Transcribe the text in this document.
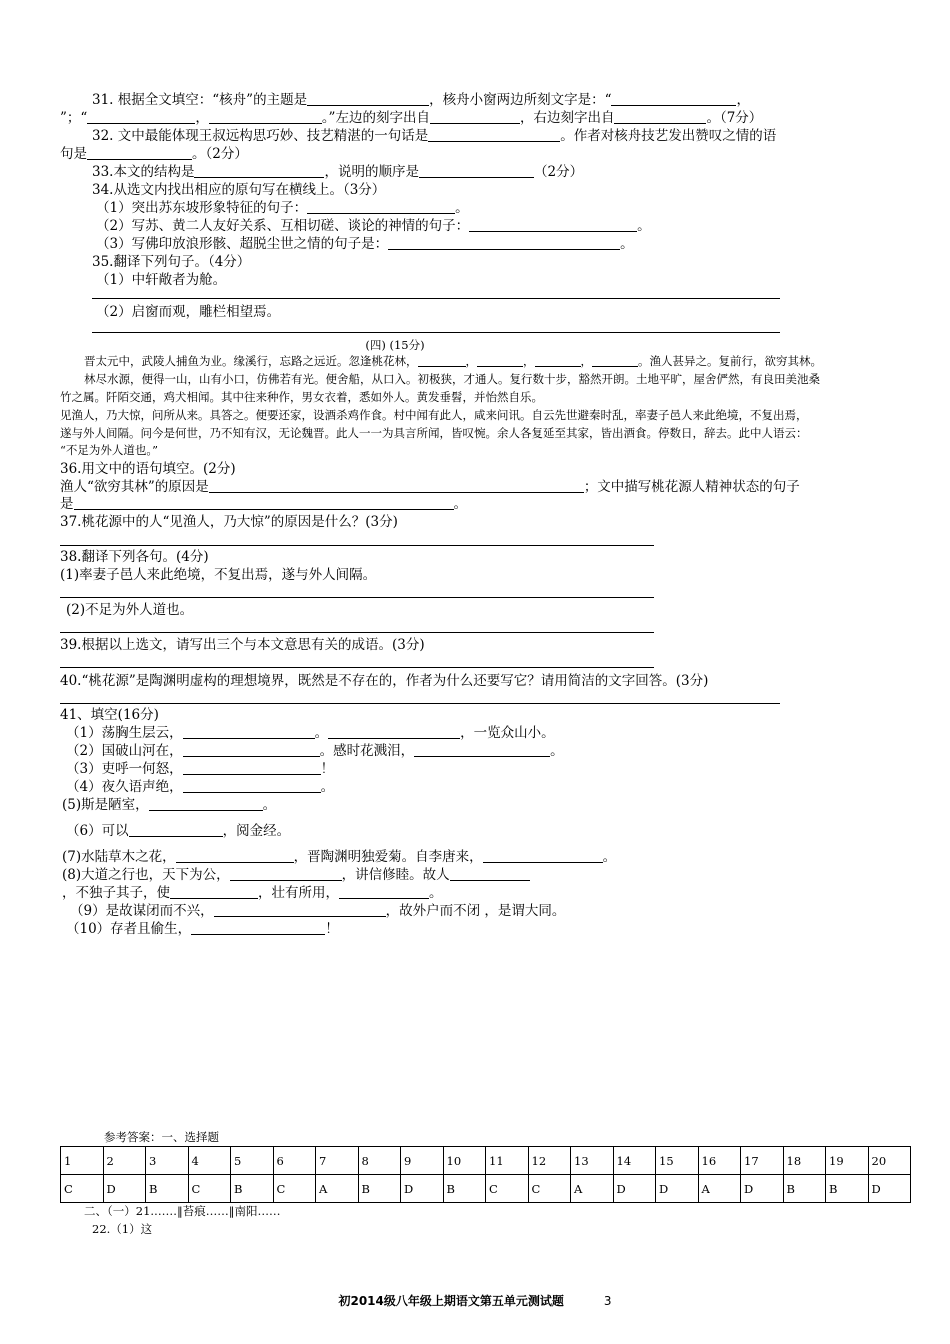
31. 根据全文填空：“核舟”的主题是	，核舟小窗两边所刻文字是：“	，
”；“	，	。”左边的刻字出自	，右边刻字出自	。（7分）
32. 文中最能体现王叔远构思巧妙、技艺精湛的一句话是	。作者对核舟技艺发出赞叹之情的语
句是	。（2分）
33.本文的结构是	，说明的顺序是	（2分）
34.从选文内找出相应的原句写在横线上。（3分）
（1）突出苏东坡形象特征的句子：	。
（2）写苏、黄二人友好关系、互相切磋、谈论的神情的句子：	。
（3）写佛印放浪形骸、超脱尘世之情的句子是：	。
35.翻译下列句子。（4分）
（1）中轩敞者为舱。
（2）启窗而观，雕栏相望焉。
(四) (15分)
晋太元中，武陵人捕鱼为业。缘溪行，忘路之远近。忽逢桃花林，	，	，	，	。渔人甚异之。复前行，欲穷其林。
林尽水源，便得一山，山有小口，仿佛若有光。便舍船，从口入。初极狭，才通人。复行数十步，豁然开朗。土地平旷，屋舍俨然，有良田美池桑
竹之属。阡陌交通，鸡犬相闻。其中往来种作，男女衣着，悉如外人。黄发垂髫，并怡然自乐。
见渔人，乃大惊，问所从来。具答之。便要还家，设酒杀鸡作食。村中闻有此人，咸来问讯。自云先世避秦时乱，率妻子邑人来此绝境，不复出焉，
遂与外人间隔。问今是何世，乃不知有汉，无论魏晋。此人一一为具言所闻，皆叹惋。余人各复延至其家，皆出酒食。停数日，辞去。此中人语云：
“不足为外人道也。”
36.用文中的语句填空。(2分)
渔人“欲穷其林”的原因是	；文中描写桃花源人精神状态的句子
是	。
37.桃花源中的人“见渔人，乃大惊”的原因是什么？(3分)
38.翻译下列各句。(4分)
(1)率妻子邑人来此绝境，不复出焉，遂与外人间隔。
(2)不足为外人道也。
39.根据以上选文，请写出三个与本文意思有关的成语。(3分)
40.“桃花源”是陶渊明虚构的理想境界，既然是不存在的，作者为什么还要写它？请用简洁的文字回答。(3分)
41、填空(16分)
（1）荡胸生层云，	。	，一览众山小。
（2）国破山河在，	。感时花溅泪，	。
（3）吏呼一何怒，	！
（4）夜久语声绝，	。
(5)斯是陋室，	。
（6）可以	，阅金经。
(7)水陆草木之花，	，晋陶渊明独爱菊。自李唐来，	。
(8)大道之行也，天下为公，	，讲信修睦。故人
，不独子其子，使	，壮有所用，	。
（9）是故谋闭而不兴，	，故外户而不闭 ，是谓大同。
（10）存者且偷生，	！
参考答案：一、选择题
1	2	3	4	5	6	7	8	9	10	11	12	13	14	15	16	17	18	19	20
C	D	B	C	B	C	A	B	D	B	C	C	A	D	D	A	D	B	B	D
二、（一）21.……‖苔痕……‖南阳……
22.（1）这
初2014级八年级上期语文第五单元测试题	3
